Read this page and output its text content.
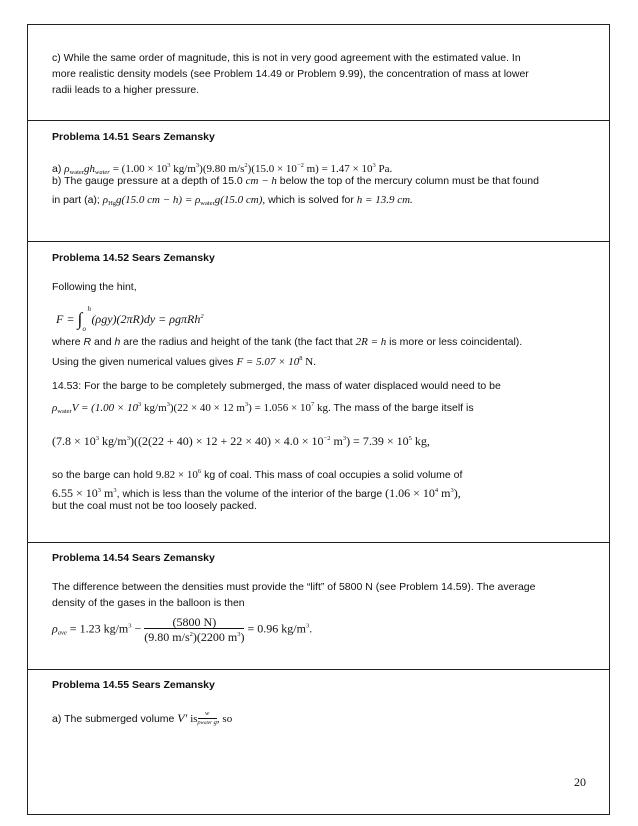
c) While the same order of magnitude, this is not in very good agreement with the estimated value. In
more realistic density models (see Problem 14.49 or Problem 9.99), the concentration of mass at lower
radii leads to a higher pressure.
Problema 14.51 Sears Zemansky
a) $\rho_{water}gh_{water} = (1.00 \times 10^3$ $kg/m^3)(9.80$ $m/s^2)(15.0 \times 10^{-2}$ $m) = 1.47 \times 10^3$ Pa.
b) The gauge pressure at a depth of 15.0 cm − h below the top of the mercury column must be that found
in part (a); $\rho_{Hg}g(15.0$ cm − $h) = \rho_{water}g(15.0$ cm), which is solved for h = 13.9 cm.
Problema 14.52 Sears Zemansky
Following the hint,
F = ∫ h
o
(ρgy)(2πR)dy = ρgπRh$^2$
where R and h are the radius and height of the tank (the fact that 2R = h is more or less coincidental).
Using the given numerical values gives $F = 5.07 \times 10^8$ N.
14.53: For the barge to be completely submerged, the mass of water displaced would need to be
$\rho_{water}V = (1.00 \times 10^3$ $kg/m^3)(22 \times 40 \times 12$ $m^3) = 1.056 \times 10^7$ kg. The mass of the barge itself is
($7.8 \times 10^3$ $kg/m^3)((2(22 + 40) \times 12 + 22 \times 40) \times 4.0 \times 10^{-2}$ $m^3) = 7.39 \times 10^5$ kg,
so the barge can hold $9.82 \times 10^6$ kg of coal. This mass of coal occupies a solid volume of
$6.55 \times 10^3$ $m^3$, which is less than the volume of the interior of the barge ($1.06 \times 10^4$ $m^3$),
but the coal must not be too loosely packed.
Problema 14.54 Sears Zemansky
The difference between the densities must provide the “lift” of 5800 N (see Problem 14.59). The average
density of the gases in the balloon is then
$\rho_{ave} = 1.23$ $kg/m^3 - \frac{(5800 N)}{(9.80 m/s^2)(2200 m^3)} = 0.96$ $kg/m^3$.
Problema 14.55 Sears Zemansky
a) The submerged volume V′ is $\frac{w}{\text{ρwater g}}$ , so
20
